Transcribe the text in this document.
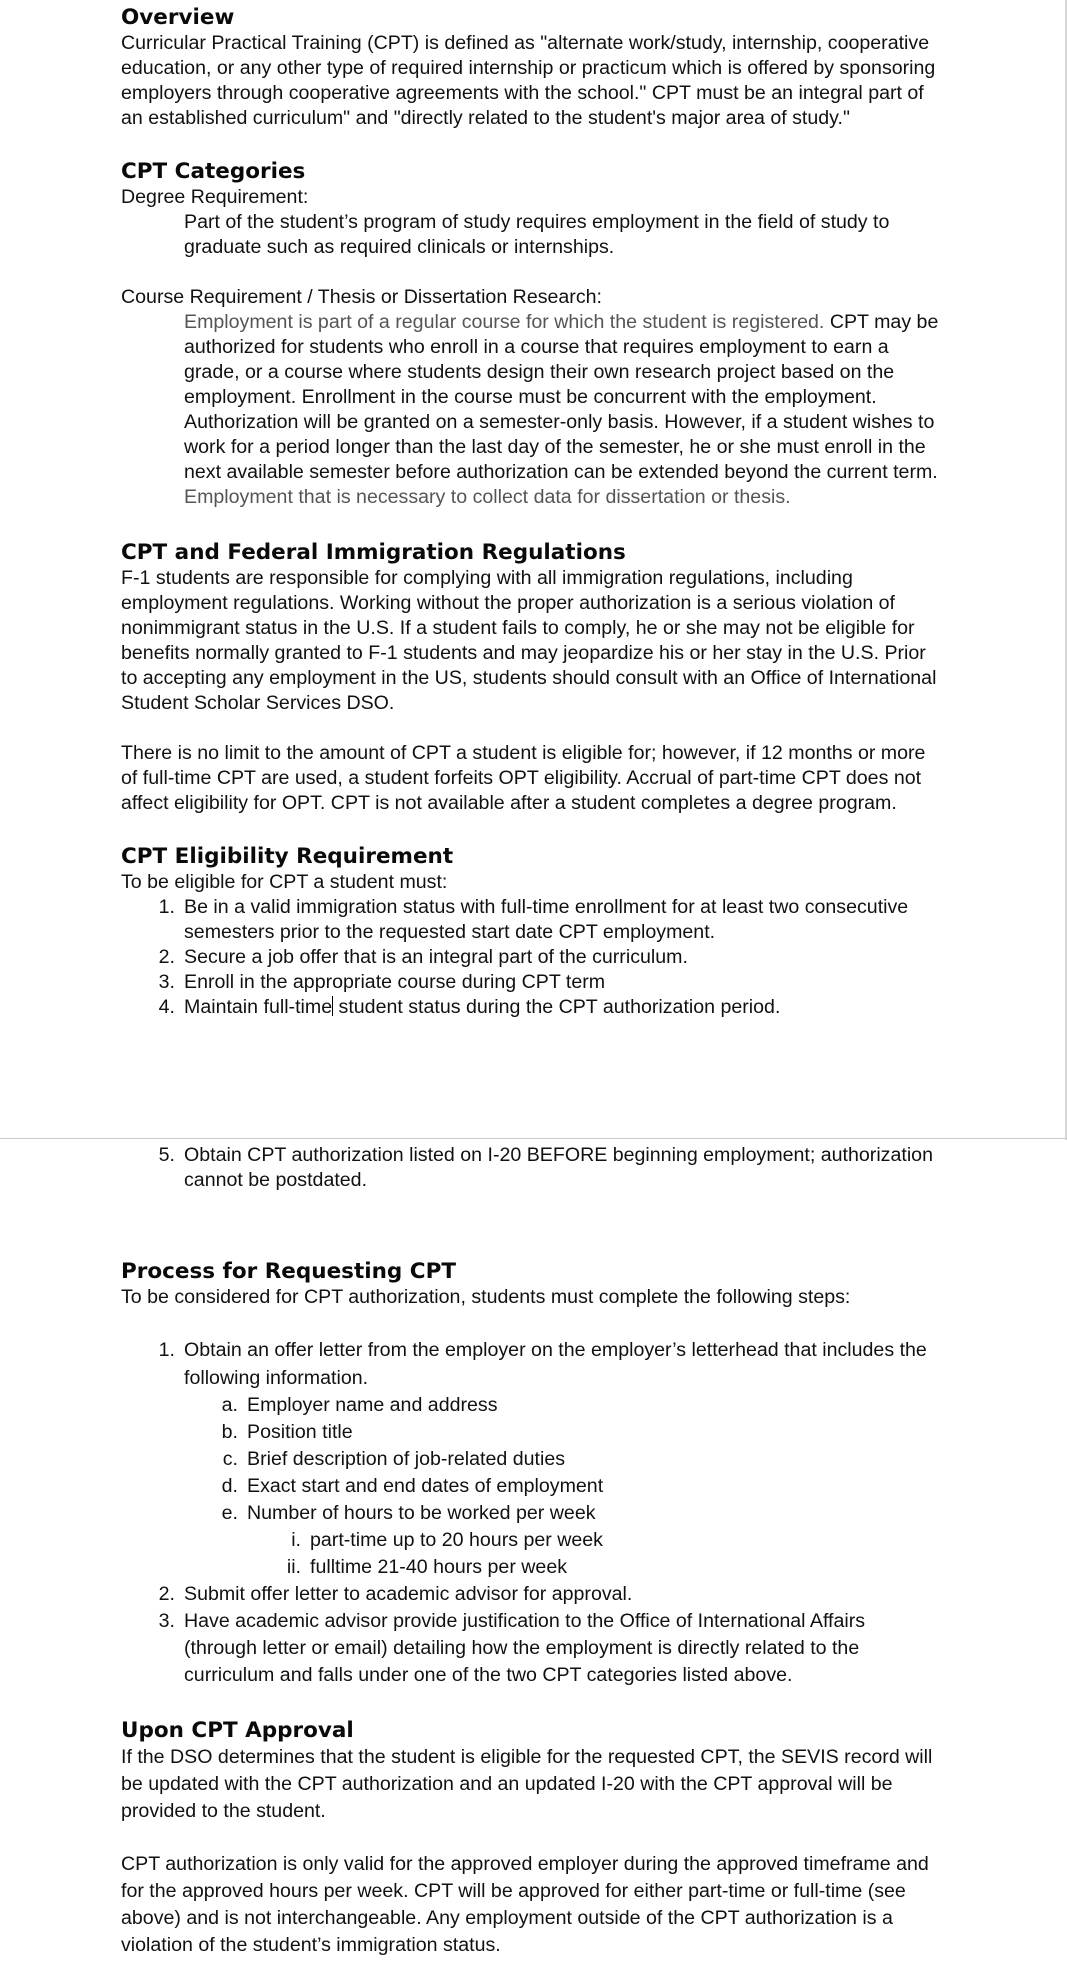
Overview

Curricular Practical Training (CPT) is defined as "alternate work/study, internship, cooperative education, or any other type of required internship or practicum which is offered by sponsoring employers through cooperative agreements with the school." CPT must be an integral part of an established curriculum" and "directly related to the student's major area of study."

CPT Categories

Degree Requirement:

Part of the student’s program of study requires employment in the field of study to graduate such as required clinicals or internships.

Course Requirement / Thesis or Dissertation Research:

Employment is part of a regular course for which the student is registered. CPT may be authorized for students who enroll in a course that requires employment to earn a grade, or a course where students design their own research project based on the employment. Enrollment in the course must be concurrent with the employment. Authorization will be granted on a semester-only basis. However, if a student wishes to work for a period longer than the last day of the semester, he or she must enroll in the next available semester before authorization can be extended beyond the current term.

Employment that is necessary to collect data for dissertation or thesis.

CPT and Federal Immigration Regulations

F-1 students are responsible for complying with all immigration regulations, including employment regulations. Working without the proper authorization is a serious violation of nonimmigrant status in the U.S. If a student fails to comply, he or she may not be eligible for benefits normally granted to F-1 students and may jeopardize his or her stay in the U.S. Prior to accepting any employment in the US, students should consult with an Office of International Student Scholar Services DSO.

There is no limit to the amount of CPT a student is eligible for; however, if 12 months or more of full-time CPT are used, a student forfeits OPT eligibility. Accrual of part-time CPT does not affect eligibility for OPT. CPT is not available after a student completes a degree program.

CPT Eligibility Requirement

To be eligible for CPT a student must:

1. Be in a valid immigration status with full-time enrollment for at least two consecutive semesters prior to the requested start date CPT employment.
2. Secure a job offer that is an integral part of the curriculum.
3. Enroll in the appropriate course during CPT term
4. Maintain full-time student status during the CPT authorization period.
5. Obtain CPT authorization listed on I-20 BEFORE beginning employment; authorization cannot be postdated.
Process for Requesting CPT

To be considered for CPT authorization, students must complete the following steps:

1. Obtain an offer letter from the employer on the employer’s letterhead that includes the following information.
a. Employer name and address
b. Position title
c. Brief description of job-related duties
d. Exact start and end dates of employment
e. Number of hours to be worked per week
i. part-time up to 20 hours per week
ii. fulltime 21-40 hours per week
2. Submit offer letter to academic advisor for approval.
3. Have academic advisor provide justification to the Office of International Affairs (through letter or email) detailing how the employment is directly related to the curriculum and falls under one of the two CPT categories listed above.
Upon CPT Approval

If the DSO determines that the student is eligible for the requested CPT, the SEVIS record will be updated with the CPT authorization and an updated I-20 with the CPT approval will be provided to the student.

CPT authorization is only valid for the approved employer during the approved timeframe and for the approved hours per week. CPT will be approved for either part-time or full-time (see above) and is not interchangeable. Any employment outside of the CPT authorization is a violation of the student’s immigration status.
